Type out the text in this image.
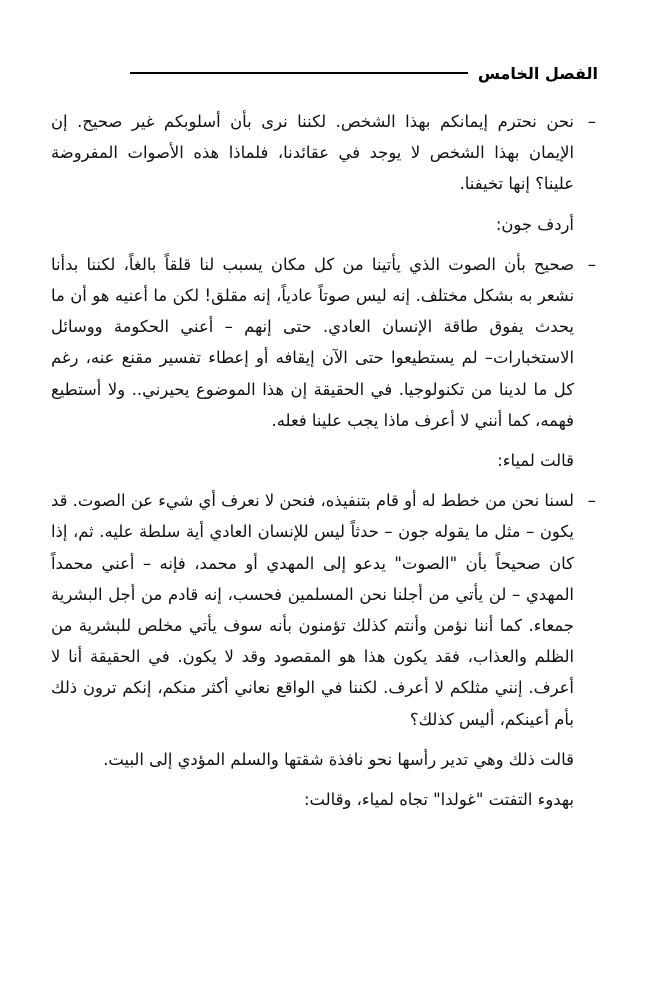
الفصل الخامس

–
نحن نحترم إيمانكم بهذا الشخص. لكننا نرى بأن أسلوبكم غير صحيح. إن الإيمان بهذا الشخص لا يوجد في عقائدنا، فلماذا هذه الأصوات المفروضة علينا؟ إنها تخيفنا.

أردف جون:

–
صحيح بأن الصوت الذي يأتينا من كل مكان يسبب لنا قلقاً بالغاً، لكننا بدأنا نشعر به بشكل مختلف. إنه ليس صوتاً عادياً، إنه مقلق! لكن ما أعنيه هو أن ما يحدث يفوق طاقة الإنسان العادي. حتى إنهم – أعني الحكومة ووسائل الاستخبارات– لم يستطيعوا حتى الآن إيقافه أو إعطاء تفسير مقنع عنه، رغم كل ما لدينا من تكنولوجيا. في الحقيقة إن هذا الموضوع يحيرني.. ولا أستطيع فهمه، كما أنني لا أعرف ماذا يجب علينا فعله.

قالت لمياء:

–
لسنا نحن من خطط له أو قام بتنفيذه، فنحن لا نعرف أي شيء عن الصوت. قد يكون – مثل ما يقوله جون – حدثاً ليس للإنسان العادي أية سلطة عليه. ثم، إذا كان صحيحاً بأن "الصوت" يدعو إلى المهدي أو محمد، فإنه – أعني محمداً المهدي – لن يأتي من أجلنا نحن المسلمين فحسب، إنه قادم من أجل البشرية جمعاء. كما أننا نؤمن وأنتم كذلك تؤمنون بأنه سوف يأتي مخلص للبشرية من الظلم والعذاب، فقد يكون هذا هو المقصود وقد لا يكون. في الحقيقة أنا لا أعرف. إنني مثلكم لا أعرف. لكننا في الواقع نعاني أكثر منكم، إنكم ترون ذلك بأم أعينكم، أليس كذلك؟

قالت ذلك وهي تدير رأسها نحو نافذة شقتها والسلم المؤدي إلى البيت.

بهدوء التفتت "غولدا" تجاه لمياء، وقالت:
